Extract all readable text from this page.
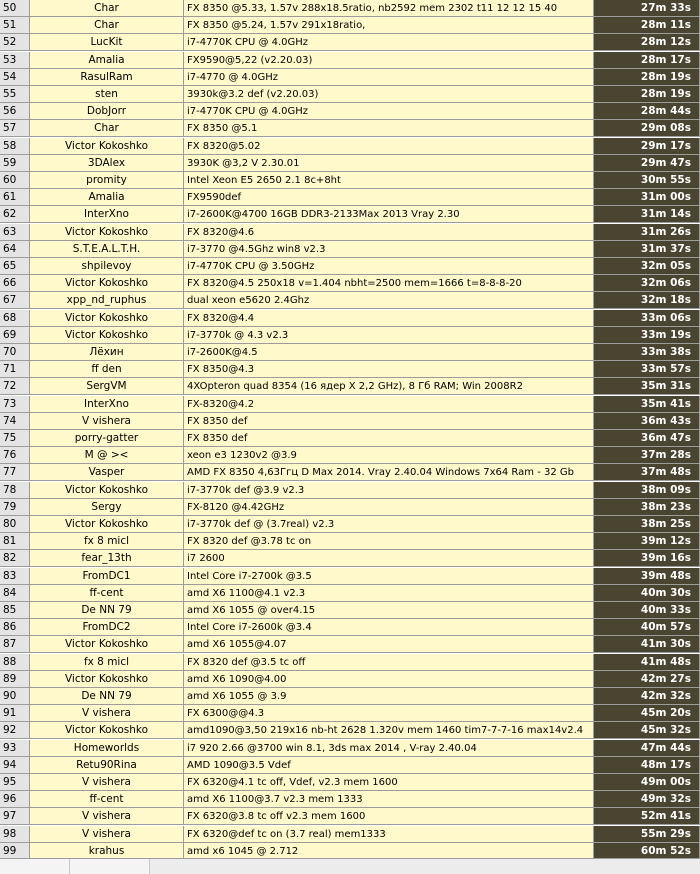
50	Char	FX 8350 @5.33, 1.57v 288x18.5ratio, nb2592 mem 2302 t11 12 12 15 40	27m 33s
51	Char	FX 8350 @5.24, 1.57v 291x18ratio,	28m 11s
52	LucKit	i7-4770K CPU @ 4.0GHz	28m 12s
53	Amalia	FX9590@5,22 (v2.20.03)	28m 17s
54	RasulRam	i7-4770 @ 4.0GHz	28m 19s
55	sten	3930k@3.2 def (v2.20.03)	28m 19s
56	DobJorr	i7-4770K CPU @ 4.0GHz	28m 44s
57	Char	FX 8350 @5.1	29m 08s
58	Victor Kokoshko	FX 8320@5.02	29m 17s
59	3DAlex	3930K @3,2 V 2.30.01	29m 47s
60	promity	Intel Xeon E5 2650 2.1 8c+8ht	30m 55s
61	Amalia	FX9590def	31m 00s
62	InterXno	i7-2600K@4700 16GB DDR3-2133Max 2013 Vray 2.30	31m 14s
63	Victor Kokoshko	FX 8320@4.6	31m 26s
64	S.T.E.A.L.T.H.	i7-3770 @4.5Ghz win8 v2.3	31m 37s
65	shpilevoy	i7-4770K CPU @ 3.50GHz	32m 05s
66	Victor Kokoshko	FX 8320@4.5 250x18 v=1.404 nbht=2500 mem=1666 t=8-8-8-20	32m 06s
67	xpp_nd_ruphus	dual xeon e5620 2.4Ghz	32m 18s
68	Victor Kokoshko	FX 8320@4.4	33m 06s
69	Victor Kokoshko	i7-3770k @ 4.3 v2.3	33m 19s
70	Лёхин	i7-2600K@4.5	33m 38s
71	ff den	FX 8350@4.3	33m 57s
72	SergVM	4XOpteron quad 8354 (16 ядер X 2,2 GHz), 8 Гб RAM; Win 2008R2	35m 31s
73	InterXno	FX-8320@4.2	35m 41s
74	V vishera	FX 8350 def	36m 43s
75	porry-gatter	FX 8350 def	36m 47s
76	M @ ><	xeon e3 1230v2 @3.9	37m 28s
77	Vasper	AMD FX 8350 4,63Ггц D Max 2014. Vray 2.40.04 Windows 7x64 Ram - 32 Gb	37m 48s
78	Victor Kokoshko	i7-3770k def @3.9 v2.3	38m 09s
79	Sergy	FX-8120 @4.42GHz	38m 23s
80	Victor Kokoshko	i7-3770k def @ (3.7real) v2.3	38m 25s
81	fx 8 micl	FX 8320 def @3.78 tc on	39m 12s
82	fear_13th	i7 2600	39m 16s
83	FromDC1	Intel Core i7-2700k @3.5	39m 48s
84	ff-cent	amd X6 1100@4.1 v2.3	40m 30s
85	De NN 79	amd X6 1055 @ over4.15	40m 33s
86	FromDC2	Intel Core i7-2600k @3.4	40m 57s
87	Victor Kokoshko	amd X6 1055@4.07	41m 30s
88	fx 8 micl	FX 8320 def @3.5 tc off	41m 48s
89	Victor Kokoshko	amd X6 1090@4.00	42m 27s
90	De NN 79	amd X6 1055 @ 3.9	42m 32s
91	V vishera	FX 6300@@4.3	45m 20s
92	Victor Kokoshko	amd1090@3,50 219x16 nb-ht 2628 1.320v mem 1460 tim7-7-7-16 max14v2.4	45m 32s
93	Homeworlds	i7 920 2.66 @3700 win 8.1, 3ds max 2014 , V-ray 2.40.04	47m 44s
94	Retu90Rina	AMD 1090@3.5 Vdef	48m 17s
95	V vishera	FX 6320@4.1 tc off, Vdef, v2.3 mem 1600	49m 00s
96	ff-cent	amd X6 1100@3.7 v2.3 mem 1333	49m 32s
97	V vishera	FX 6320@3.8 tc off v2.3 mem 1600	52m 41s
98	V vishera	FX 6320@def tc on (3.7 real) mem1333	55m 29s
99	krahus	amd x6 1045 @ 2.712	60m 52s
